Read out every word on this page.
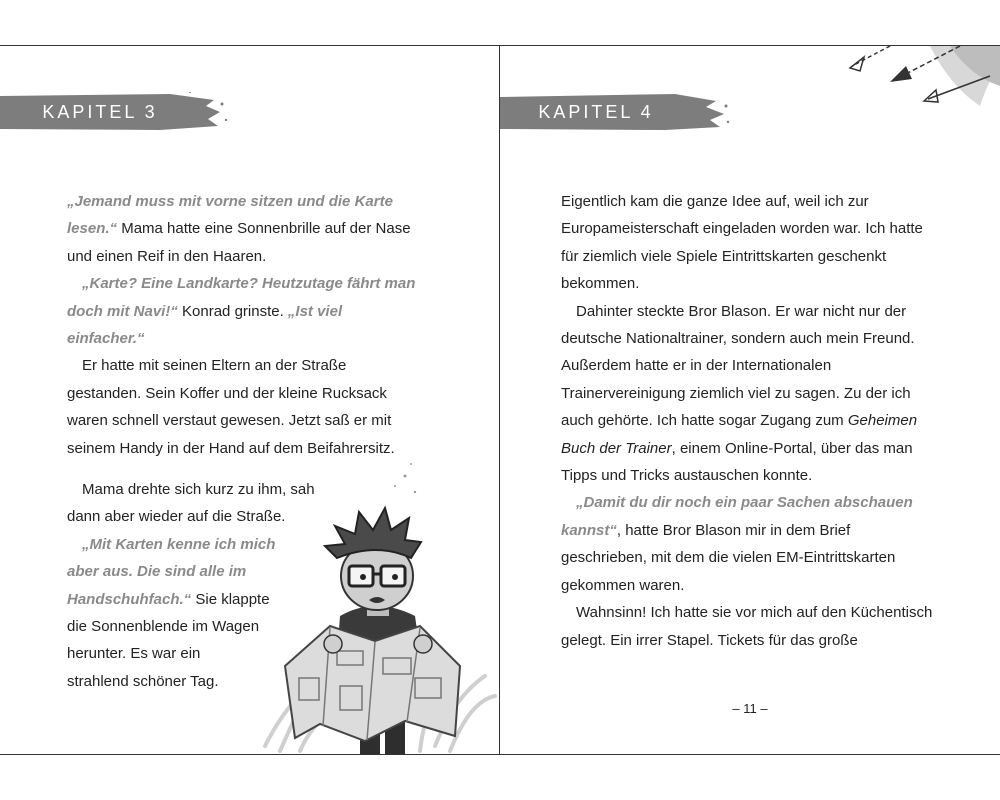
KAPITEL 3

„Jemand muss mit vorne sitzen und die Karte lesen.“ Mama hatte eine Sonnenbrille auf der Nase und einen Reif in den Haaren.

„Karte? Eine Landkarte? Heutzutage fährt man doch mit Navi!“ Konrad grinste. „Ist viel einfacher.“

Er hatte mit seinen Eltern an der Straße gestanden. Sein Koffer und der kleine Rucksack waren schnell verstaut gewesen. Jetzt saß er mit seinem Handy in der Hand auf dem Beifahrersitz.

Mama drehte sich kurz zu ihm, sah
dann aber wieder auf die Straße.
„Mit Karten kenne ich mich
aber aus. Die sind alle im
Handschuhfach.“ Sie klappte
die Sonnenblende im Wagen
herunter. Es war ein
strahlend schöner Tag.
KAPITEL 4

Eigentlich kam die ganze Idee auf, weil ich zur Europameisterschaft eingeladen worden war. Ich hatte für ziemlich viele Spiele Eintrittskarten geschenkt bekommen.

Dahinter steckte Bror Blason. Er war nicht nur der deutsche Nationaltrainer, sondern auch mein Freund. Außerdem hatte er in der Internationalen Trainervereinigung ziemlich viel zu sagen. Zu der ich auch gehörte. Ich hatte sogar Zugang zum Geheimen Buch der Trainer, einem Online-Portal, über das man Tipps und Tricks austauschen konnte.

„Damit du dir noch ein paar Sachen abschauen kannst“, hatte Bror Blason mir in dem Brief geschrieben, mit dem die vielen EM-Eintrittskarten gekommen waren.

Wahnsinn! Ich hatte sie vor mich auf den Küchentisch gelegt. Ein irrer Stapel. Tickets für das große

– 11 –
